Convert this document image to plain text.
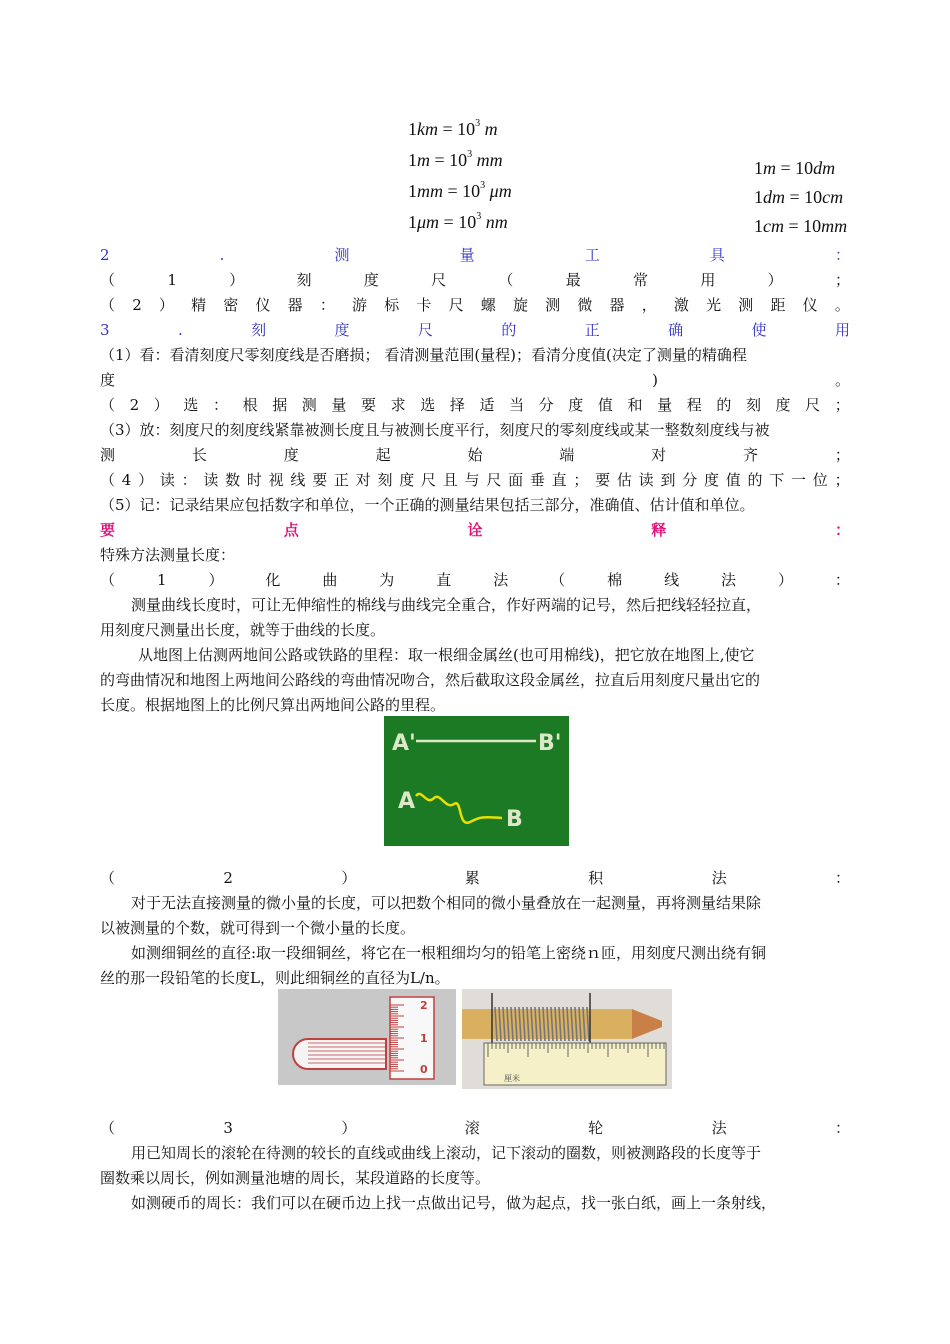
$1km = 10^3$ m
$1m = 10^3$ mm
$1mm = 10^3$ μm
$1\mu m = 10^3$ nm
1m = 10dm
1dm = 10cm
1cm = 10mm
2	.	测	量	工	具	：
（	1	）	刻	度	尺	（	最	常	用	）	；
（ 2 ） 精 密 仪 器 ： 游 标 卡 尺 螺 旋 测 微 器 ， 激 光 测 距 仪 。
3	.	刻	度	尺	的	正	确	使	用
（1）看：看清刻度尺零刻度线是否磨损； 看清测量范围(量程)；看清分度值(决定了测量的精确程
度	)	。
（ 2 ） 选 ： 根 据 测 量 要 求 选 择 适 当 分 度 值 和 量 程 的 刻 度 尺 ；
（3）放：刻度尺的刻度线紧靠被测长度且与被测长度平行，刻度尺的零刻度线或某一整数刻度线与被
测	长	度	起	始	端	对	齐	；
（ 4 ） 读 ： 读 数 时 视 线 要 正 对 刻 度 尺 且 与 尺 面 垂 直 ； 要 估 读 到 分 度 值 的 下 一 位 ；
（5）记：记录结果应包括数字和单位，一个正确的测量结果包括三部分，准确值、估计值和单位。
要	点	诠	释	：
特殊方法测量长度：
（	1	）	化	曲	为	直	法	（	棉	线	法	）	：
测量曲线长度时，可让无伸缩性的棉线与曲线完全重合，作好两端的记号，然后把线轻轻拉直，
用刻度尺测量出长度，就等于曲线的长度。
从地图上估测两地间公路或铁路的里程：取一根细金属丝(也可用棉线)，把它放在地图上,使它
的弯曲情况和地图上两地间公路线的弯曲情况吻合，然后截取这段金属丝，拉直后用刻度尺量出它的
长度。根据地图上的比例尺算出两地间公路的里程。
A'	B'
A
B
（	2	）	累	积	法	：
对于无法直接测量的微小量的长度，可以把数个相同的微小量叠放在一起测量，再将测量结果除
以被测量的个数，就可得到一个微小量的长度。
如测细铜丝的直径:取一段细铜丝，将它在一根粗细均匀的铅笔上密绕ｎ匝，用刻度尺测出绕有铜
丝的那一段铅笔的长度L，则此细铜丝的直径为L/n。
2
1
0
厘米
（	3	）	滚	轮	法	：
用已知周长的滚轮在待测的较长的直线或曲线上滚动，记下滚动的圈数，则被测路段的长度等于
圈数乘以周长，例如测量池塘的周长，某段道路的长度等。
如测硬币的周长：我们可以在硬币边上找一点做出记号，做为起点，找一张白纸，画上一条射线，
